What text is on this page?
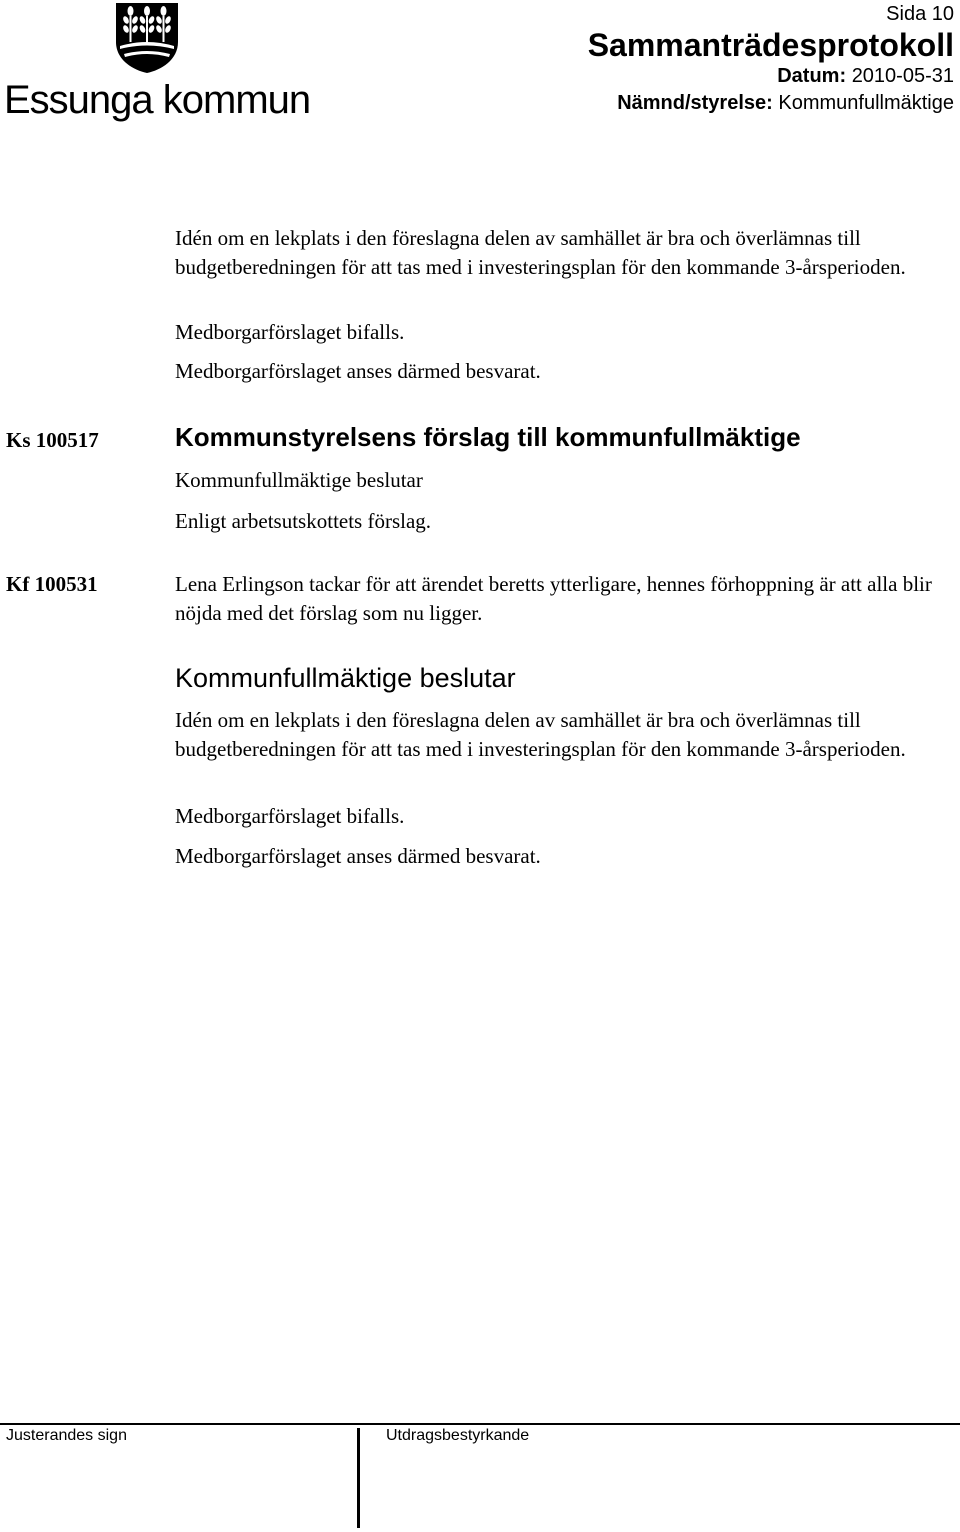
Essunga kommun
Sida 10
Sammanträdesprotokoll
Datum: 2010-05-31
Nämnd/styrelse: Kommunfullmäktige
Idén om en lekplats i den föreslagna delen av samhället är bra och överlämnas till budgetberedningen för att tas med i investeringsplan för den kommande 3-årsperioden.
Medborgarförslaget bifalls.
Medborgarförslaget anses därmed besvarat.
Ks 100517	Kommunstyrelsens förslag till kommunfullmäktige
Kommunfullmäktige beslutar
Enligt arbetsutskottets förslag.
Kf 100531	Lena Erlingson tackar för att ärendet beretts ytterligare, hennes förhoppning är att alla blir nöjda med det förslag som nu ligger.
Kommunfullmäktige beslutar
Idén om en lekplats i den föreslagna delen av samhället är bra och överlämnas till budgetberedningen för att tas med i investeringsplan för den kommande 3-årsperioden.
Medborgarförslaget bifalls.
Medborgarförslaget anses därmed besvarat.
Justerandes sign	Utdragsbestyrkande
